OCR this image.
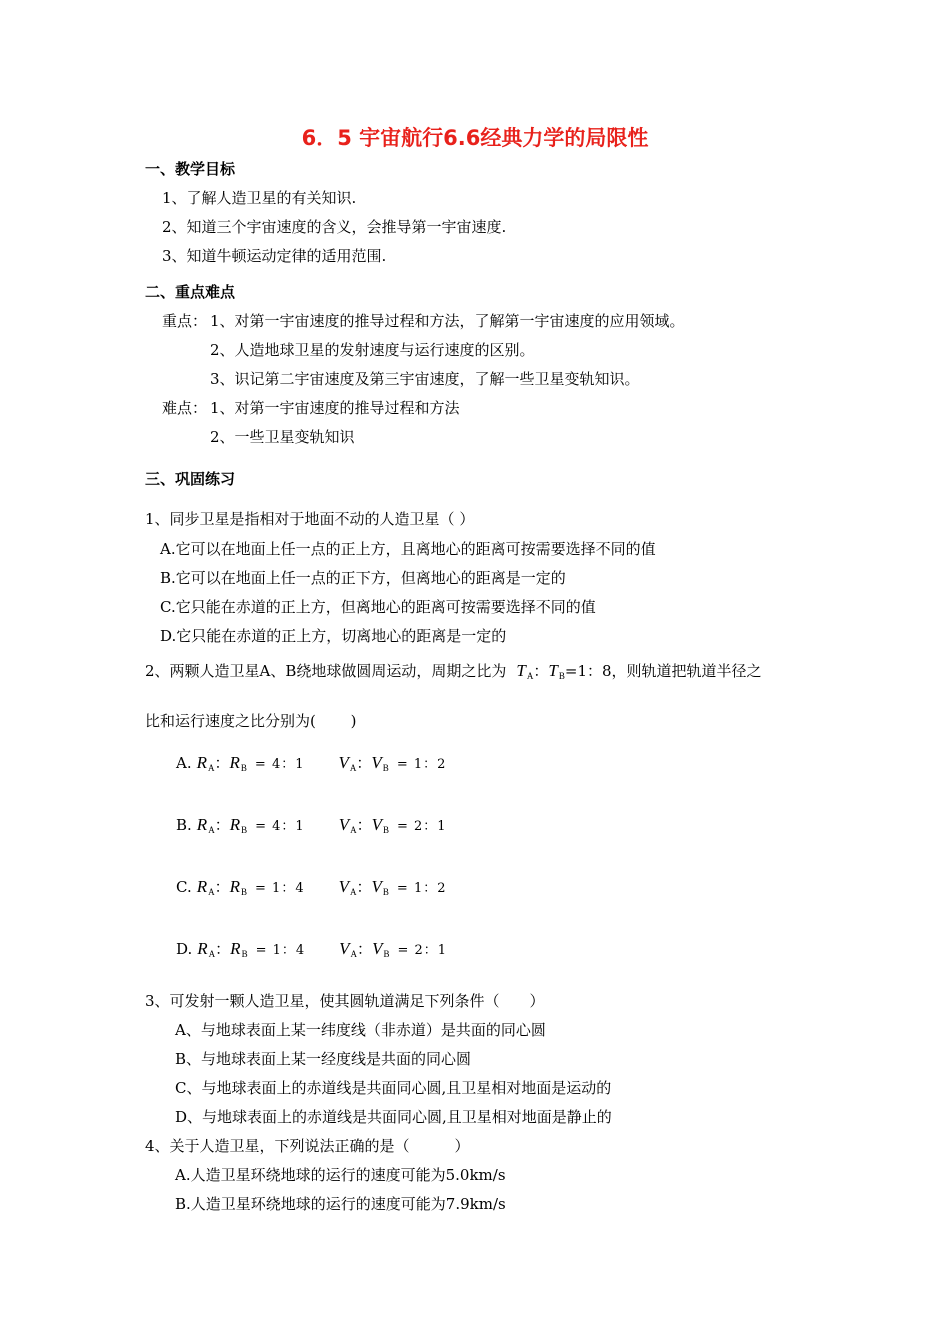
6．5 宇宙航行6.6经典力学的局限性
一、教学目标
1、了解人造卫星的有关知识.
2、知道三个宇宙速度的含义，会推导第一宇宙速度.
3、知道牛顿运动定律的适用范围.
二、重点难点
重点： 1、对第一宇宙速度的推导过程和方法，了解第一宇宙速度的应用领域。
2、人造地球卫星的发射速度与运行速度的区别。
3、识记第二宇宙速度及第三宇宙速度，了解一些卫星变轨知识。
难点： 1、对第一宇宙速度的推导过程和方法
2、一些卫星变轨知识
三、巩固练习
1、同步卫星是指相对于地面不动的人造卫星（ ）
A.它可以在地面上任一点的正上方，且离地心的距离可按需要选择不同的值
B.它可以在地面上任一点的正下方，但离地心的距离是一定的
C.它只能在赤道的正上方，但离地心的距离可按需要选择不同的值
D.它只能在赤道的正上方，切离地心的距离是一定的
2、两颗人造卫星A、B绕地球做圆周运动，周期之比为 $T_A$ ： $T_B =1$：8，则轨道把轨道半径之
比和运行速度之比分别为(　　 )
A. $R_A$ ： $R_B = 4$：1 $V_A$ ： $V_B = 1$：2
B. $R_A$ ： $R_B = 4$：1 $V_A$ ： $V_B = 2$：1
C. $R_A$ ： $R_B = 1$：4 $V_A$ ： $V_B = 1$：2
D. $R_A$ ： $R_B = 1$：4 $V_A$ ： $V_B = 2$：1
3、可发射一颗人造卫星，使其圆轨道满足下列条件（　　）
A、与地球表面上某一纬度线（非赤道）是共面的同心圆
B、与地球表面上某一经度线是共面的同心圆
C、与地球表面上的赤道线是共面同心圆,且卫星相对地面是运动的
D、与地球表面上的赤道线是共面同心圆,且卫星相对地面是静止的
4、关于人造卫星，下列说法正确的是（　　　）
A.人造卫星环绕地球的运行的速度可能为5.0km/s
B.人造卫星环绕地球的运行的速度可能为7.9km/s
